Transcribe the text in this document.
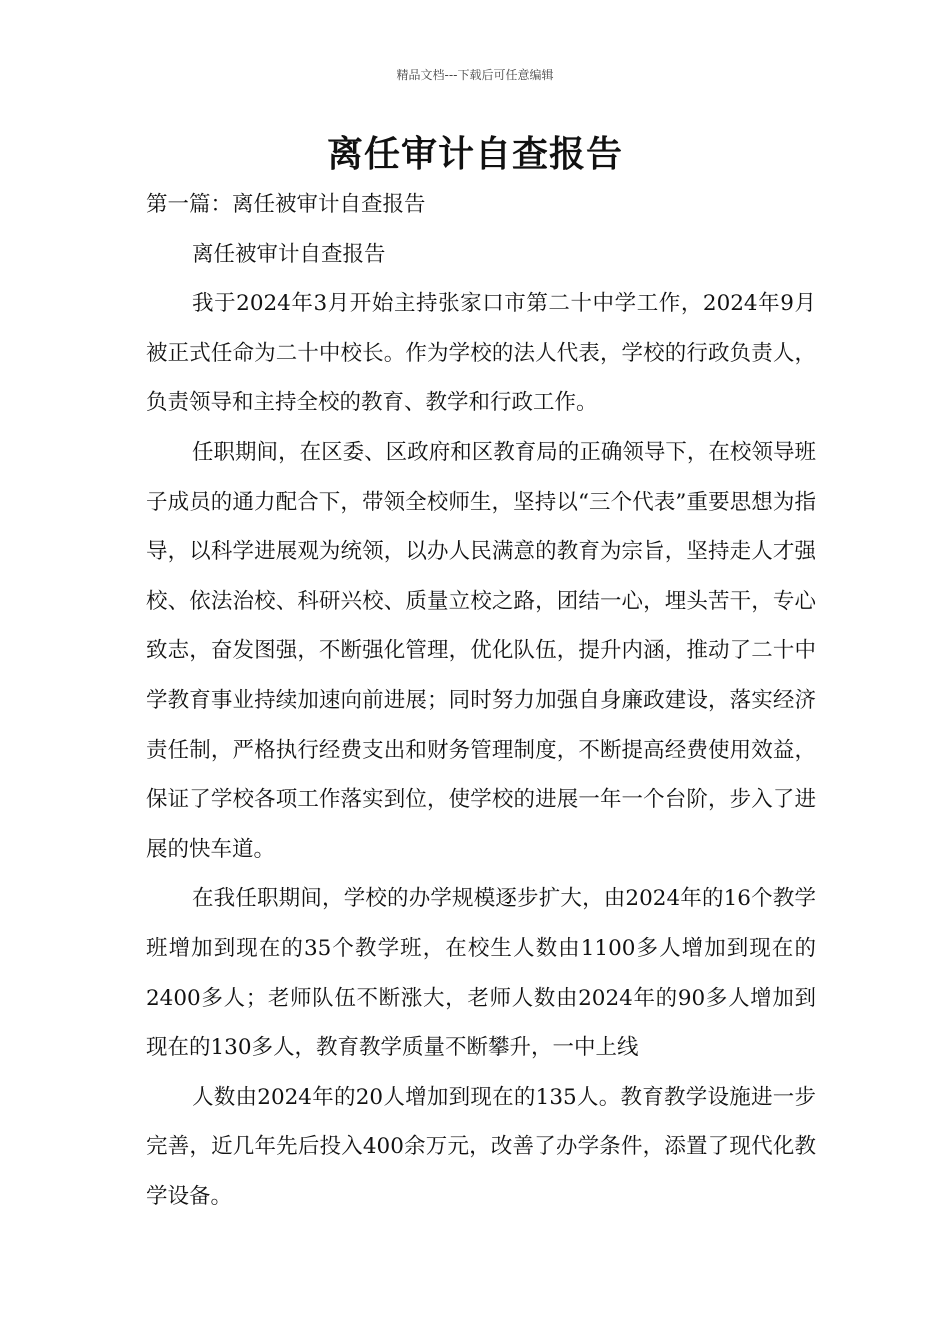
精品文档---下载后可任意编辑
离任审计自查报告

第一篇：离任被审计自查报告

离任被审计自查报告

我于2024年3月开始主持张家口市第二十中学工作，2024年9月被正式任命为二十中校长。作为学校的法人代表，学校的行政负责人，负责领导和主持全校的教育、教学和行政工作。

任职期间，在区委、区政府和区教育局的正确领导下，在校领导班子成员的通力配合下，带领全校师生，坚持以“三个代表”重要思想为指导，以科学进展观为统领，以办人民满意的教育为宗旨，坚持走人才强校、依法治校、科研兴校、质量立校之路，团结一心，埋头苦干，专心致志，奋发图强，不断强化管理，优化队伍，提升内涵，推动了二十中学教育事业持续加速向前进展；同时努力加强自身廉政建设，落实经济责任制，严格执行经费支出和财务管理制度，不断提高经费使用效益，保证了学校各项工作落实到位，使学校的进展一年一个台阶，步入了进展的快车道。

在我任职期间，学校的办学规模逐步扩大，由2024年的16个教学班增加到现在的35个教学班，在校生人数由1100多人增加到现在的2400多人；老师队伍不断涨大，老师人数由2024年的90多人增加到现在的130多人，教育教学质量不断攀升，一中上线

人数由2024年的20人增加到现在的135人。教育教学设施进一步完善，近几年先后投入400余万元，改善了办学条件，添置了现代化教学设备。
